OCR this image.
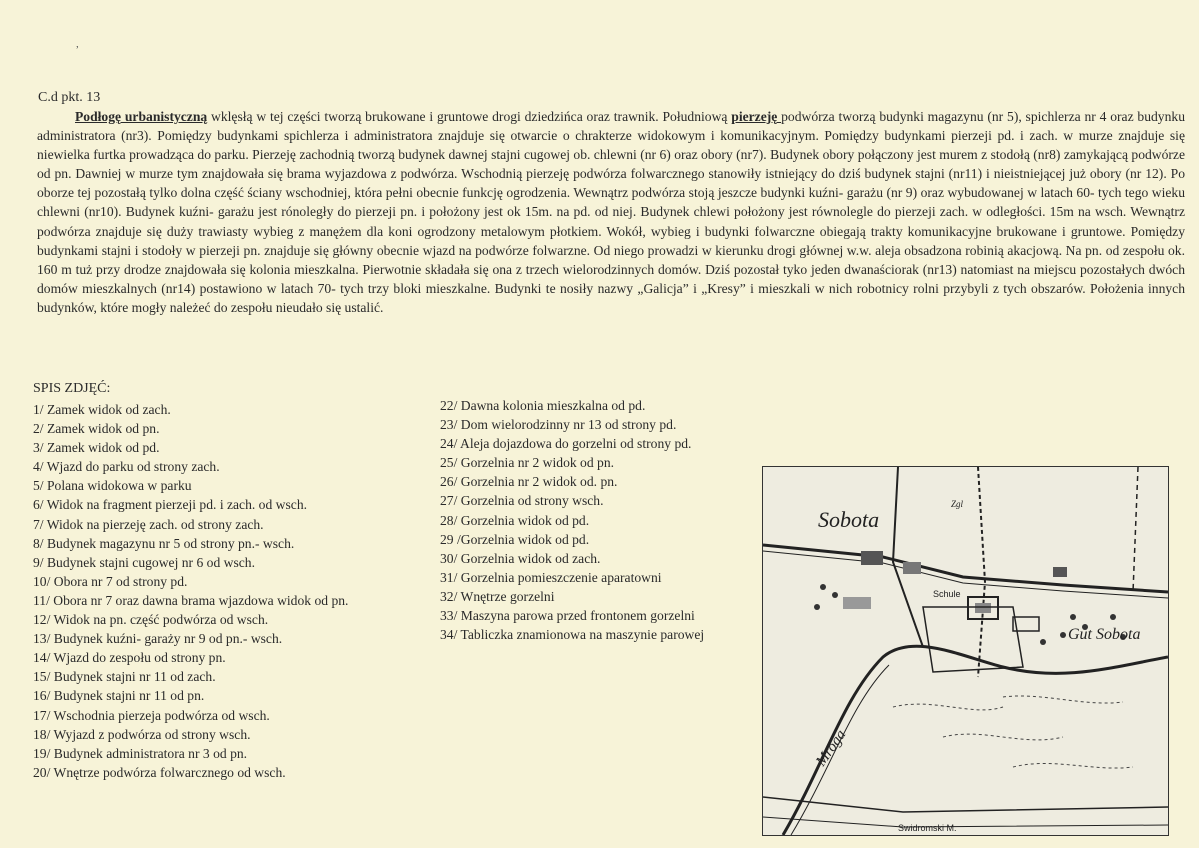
,
C.d pkt. 13
Podłogę urbanistyczną wklęsłą w tej części tworzą brukowane i gruntowe drogi dziedzińca oraz trawnik. Południową pierzeję podwórza tworzą budynki magazynu (nr 5), spichlerza nr 4 oraz budynku administratora (nr3). Pomiędzy budynkami spichlerza i administratora znajduje się otwarcie o chrakterze widokowym i komunikacyjnym. Pomiędzy budynkami pierzeji pd. i zach. w murze znajduje się niewielka furtka prowadząca do parku. Pierzeję zachodnią tworzą budynek dawnej stajni cugowej ob. chlewni (nr 6) oraz obory (nr7). Budynek obory połączony jest murem z stodołą (nr8) zamykającą podwórze od pn. Dawniej w murze tym znajdowała się brama wyjazdowa z podwórza. Wschodnią pierzeję podwórza folwarcznego stanowiły istniejący do dziś budynek stajni (nr11) i nieistniejącej już obory (nr 12). Po oborze tej pozostałą tylko dolna część ściany wschodniej, która pełni obecnie funkcję ogrodzenia. Wewnątrz podwórza stoją jeszcze budynki kuźni- garażu (nr 9) oraz wybudowanej w latach 60- tych tego wieku chlewni (nr10). Budynek kuźni- garażu jest rónoległy do pierzeji pn. i położony jest ok 15m. na pd. od niej. Budynek chlewi położony jest równolegle do pierzeji zach. w odległości. 15m na wsch. Wewnątrz podwórza znajduje się duży trawiasty wybieg z manężem dla koni ogrodzony metalowym płotkiem. Wokół, wybieg i budynki folwarczne obiegają trakty komunikacyjne brukowane i gruntowe. Pomiędzy budynkami stajni i stodoły w pierzeji pn. znajduje się główny obecnie wjazd na podwórze folwarzne. Od niego prowadzi w kierunku drogi głównej w.w. aleja obsadzona robinią akacjową. Na pn. od zespołu ok. 160 m tuż przy drodze znajdowała się kolonia mieszkalna. Pierwotnie składała się ona z trzech wielorodzinnych domów. Dziś pozostał tyko jeden dwanaściorak (nr13) natomiast na miejscu pozostałych dwóch domów mieszkalnych (nr14) postawiono w latach 70- tych trzy bloki mieszkalne. Budynki te nosiły nazwy „Galicja” i „Kresy” i mieszkali w nich robotnicy rolni przybyli z tych obszarów. Położenia innych budynków, które mogły należeć do zespołu nieudało się ustalić.
SPIS ZDJĘĆ:
1/ Zamek widok od zach.
2/ Zamek widok od pn.
3/ Zamek widok od pd.
4/ Wjazd do parku od strony zach.
5/ Polana widokowa w parku
6/ Widok na fragment pierzeji pd. i zach. od wsch.
7/ Widok na pierzeję zach. od strony zach.
8/ Budynek magazynu nr 5 od strony pn.- wsch.
9/ Budynek stajni cugowej nr 6 od wsch.
10/ Obora nr 7 od strony pd.
11/ Obora nr 7 oraz dawna brama wjazdowa widok od pn.
12/ Widok na pn. część podwórza od wsch.
13/ Budynek kuźni- garaży nr 9 od pn.- wsch.
14/ Wjazd do zespołu od strony pn.
15/ Budynek stajni nr 11 od zach.
16/ Budynek stajni nr 11 od pn.
17/ Wschodnia pierzeja podwórza od wsch.
18/ Wyjazd z podwórza od strony wsch.
19/ Budynek administratora nr 3 od pn.
20/ Wnętrze podwórza folwarcznego od wsch.
22/ Dawna kolonia mieszkalna od pd.
23/ Dom wielorodzinny nr 13 od strony pd.
24/ Aleja dojazdowa do gorzelni od strony pd.
25/ Gorzelnia nr 2 widok od pn.
26/ Gorzelnia nr 2 widok od. pn.
27/ Gorzelnia od strony wsch.
28/ Gorzelnia widok od pd.
29 /Gorzelnia widok od pd.
30/ Gorzelnia widok od zach.
31/ Gorzelnia pomieszczenie aparatowni
32/ Wnętrze gorzelni
33/ Maszyna parowa przed frontonem gorzelni
34/ Tabliczka znamionowa na maszynie parowej
Sobota
Gut Sobota
Schule
Zgl
Mroga
Swidromski M.
